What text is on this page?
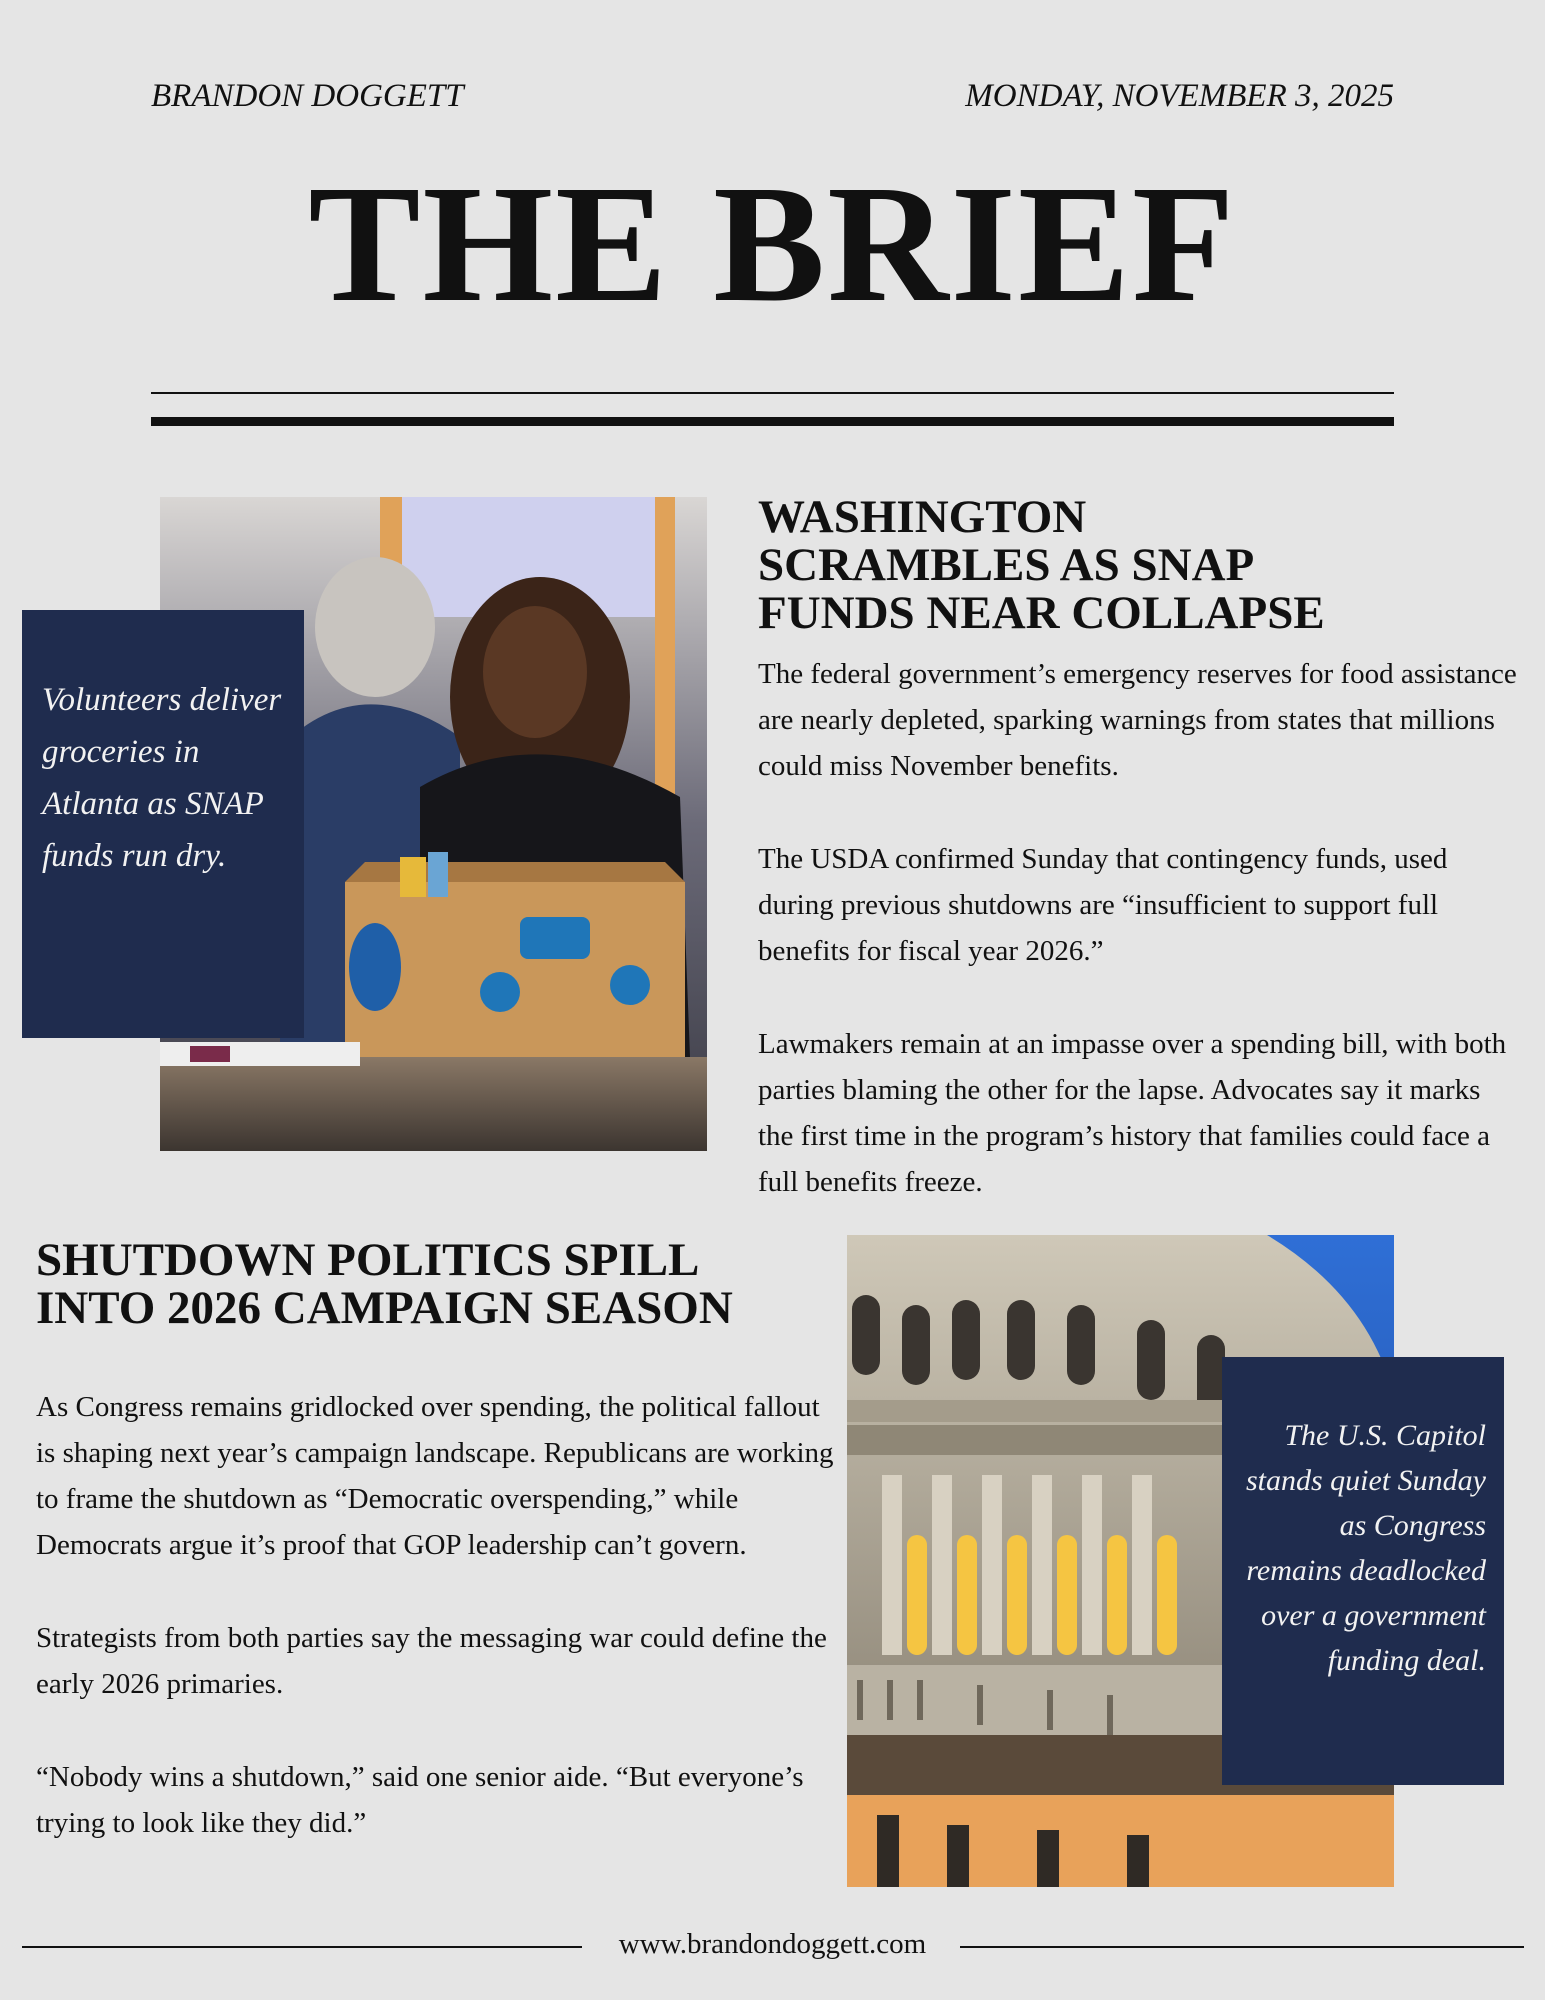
BRANDON DOGGETT	MONDAY, NOVEMBER 3, 2025
THE BRIEF
Volunteers deliver groceries in Atlanta as SNAP funds run dry.
WASHINGTON SCRAMBLES AS SNAP FUNDS NEAR COLLAPSE

The federal government’s emergency reserves for food assistance are nearly depleted, sparking warnings from states that millions could miss November benefits.

The USDA confirmed Sunday that contingency funds, used during previous shutdowns are “insufficient to support full benefits for fiscal year 2026.”

Lawmakers remain at an impasse over a spending bill, with both parties blaming the other for the lapse. Advocates say it marks the first time in the program’s history that families could face a full benefits freeze.

SHUTDOWN POLITICS SPILL INTO 2026 CAMPAIGN SEASON

As Congress remains gridlocked over spending, the political fallout is shaping next year’s campaign landscape. Republicans are working to frame the shutdown as “Democratic overspending,” while Democrats argue it’s proof that GOP leadership can’t govern.

Strategists from both parties say the messaging war could define the early 2026 primaries.

“Nobody wins a shutdown,” said one senior aide. “But everyone’s trying to look like they did.”

The U.S. Capitol stands quiet Sunday as Congress remains deadlocked over a government funding deal.
www.brandondoggett.com
